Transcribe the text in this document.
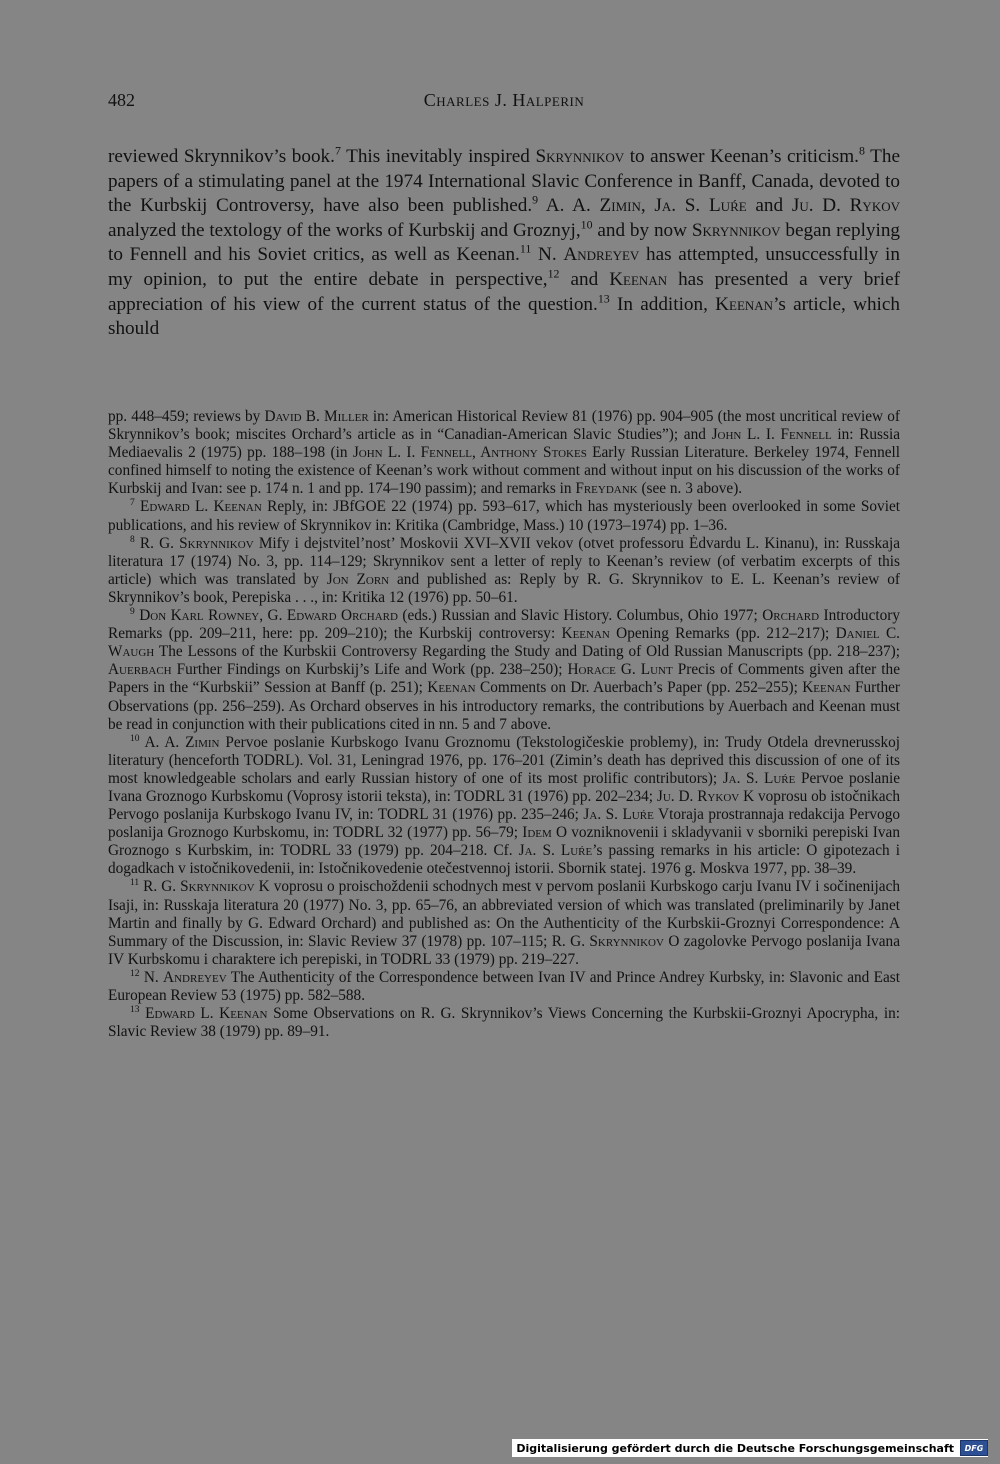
482	Charles J. Halperin

reviewed Skrynnikov’s book.$^7$ This inevitably inspired Skrynnikov to answer Keenan’s criticism.$^8$ The papers of a stimulating panel at the 1974 International Slavic Conference in Banff, Canada, devoted to the Kurbskij Controversy, have also been published.$^9$ A. A. Zimin, Ja. S. Luŕe and Ju. D. Rykov analyzed the textology of the works of Kurbskij and Groznyj,$^{10}$ and by now Skrynnikov began replying to Fennell and his Soviet critics, as well as Keenan.$^{11}$ N. Andreyev has attempted, unsuccessfully in my opinion, to put the entire debate in perspective,$^{12}$ and Keenan has presented a very brief appreciation of his view of the current status of the question.$^{13}$ In addition, Keenan’s article, which should

pp. 448–459; reviews by David B. Miller in: American Historical Review 81 (1976) pp. 904–905 (the most uncritical review of Skrynnikov’s book; miscites Orchard’s article as in “Canadian-American Slavic Studies”); and John L. I. Fennell in: Russia Mediaevalis 2 (1975) pp. 188–198 (in John L. I. Fennell, Anthony Stokes Early Russian Literature. Berkeley 1974, Fennell confined himself to noting the existence of Keenan’s work without comment and without input on his discussion of the works of Kurbskij and Ivan: see p. 174 n. 1 and pp. 174–190 passim); and remarks in Freydank (see n. 3 above).

$^7$ Edward L. Keenan Reply, in: JBfGOE 22 (1974) pp. 593–617, which has mysteriously been overlooked in some Soviet publications, and his review of Skrynnikov in: Kritika (Cambridge, Mass.) 10 (1973–1974) pp. 1–36.

$^8$ R. G. Skrynnikov Mify i dejstvitel’nost’ Moskovii XVI–XVII vekov (otvet professoru Ėdvardu L. Kinanu), in: Russkaja literatura 17 (1974) No. 3, pp. 114–129; Skrynnikov sent a letter of reply to Keenan’s review (of verbatim excerpts of this article) which was translated by Jon Zorn and published as: Reply by R. G. Skrynnikov to E. L. Keenan’s review of Skrynnikov’s book, Perepiska . . ., in: Kritika 12 (1976) pp. 50–61.

$^9$ Don Karl Rowney, G. Edward Orchard (eds.) Russian and Slavic History. Columbus, Ohio 1977; Orchard Introductory Remarks (pp. 209–211, here: pp. 209–210); the Kurbskij controversy: Keenan Opening Remarks (pp. 212–217); Daniel C. Waugh The Lessons of the Kurbskii Controversy Regarding the Study and Dating of Old Russian Manuscripts (pp. 218–237); Auerbach Further Findings on Kurbskij’s Life and Work (pp. 238–250); Horace G. Lunt Precis of Comments given after the Papers in the “Kurbskii” Session at Banff (p. 251); Keenan Comments on Dr. Auerbach’s Paper (pp. 252–255); Keenan Further Observations (pp. 256–259). As Orchard observes in his introductory remarks, the contributions by Auerbach and Keenan must be read in conjunction with their publications cited in nn. 5 and 7 above.

$^{10}$ A. A. Zimin Pervoe poslanie Kurbskogo Ivanu Groznomu (Tekstologičeskie problemy), in: Trudy Otdela drevnerusskoj literatury (henceforth TODRL). Vol. 31, Leningrad 1976, pp. 176–201 (Zimin’s death has deprived this discussion of one of its most knowledgeable scholars and early Russian history of one of its most prolific contributors); Ja. S. Luŕe Pervoe poslanie Ivana Groznogo Kurbskomu (Voprosy istorii teksta), in: TODRL 31 (1976) pp. 202–234; Ju. D. Rykov K voprosu ob istočnikach Pervogo poslanija Kurbskogo Ivanu IV, in: TODRL 31 (1976) pp. 235–246; Ja. S. Luŕe Vtoraja prostrannaja redakcija Pervogo poslanija Groznogo Kurbskomu, in: TODRL 32 (1977) pp. 56–79; Idem O vozniknovenii i skladyvanii v sborniki perepiski Ivan Groznogo s Kurbskim, in: TODRL 33 (1979) pp. 204–218. Cf. Ja. S. Luŕe’s passing remarks in his article: O gipotezach i dogadkach v istočnikovedenii, in: Istočnikovedenie otečestvennoj istorii. Sbornik statej. 1976 g. Moskva 1977, pp. 38–39.

$^{11}$ R. G. Skrynnikov K voprosu o proischoždenii schodnych mest v pervom poslanii Kurbskogo carju Ivanu IV i sočinenijach Isaji, in: Russkaja literatura 20 (1977) No. 3, pp. 65–76, an abbreviated version of which was translated (preliminarily by Janet Martin and finally by G. Edward Orchard) and published as: On the Authenticity of the Kurbskii-Groznyi Correspondence: A Summary of the Discussion, in: Slavic Review 37 (1978) pp. 107–115; R. G. Skrynnikov O zagolovke Pervogo poslanija Ivana IV Kurbskomu i charaktere ich perepiski, in TODRL 33 (1979) pp. 219–227.

$^{12}$ N. Andreyev The Authenticity of the Correspondence between Ivan IV and Prince Andrey Kurbsky, in: Slavonic and East European Review 53 (1975) pp. 582–588.

$^{13}$ Edward L. Keenan Some Observations on R. G. Skrynnikov’s Views Concerning the Kurbskii-Groznyi Apocrypha, in: Slavic Review 38 (1979) pp. 89–91.

Digitalisierung gefördert durch die Deutsche Forschungsgemeinschaft	DFG
